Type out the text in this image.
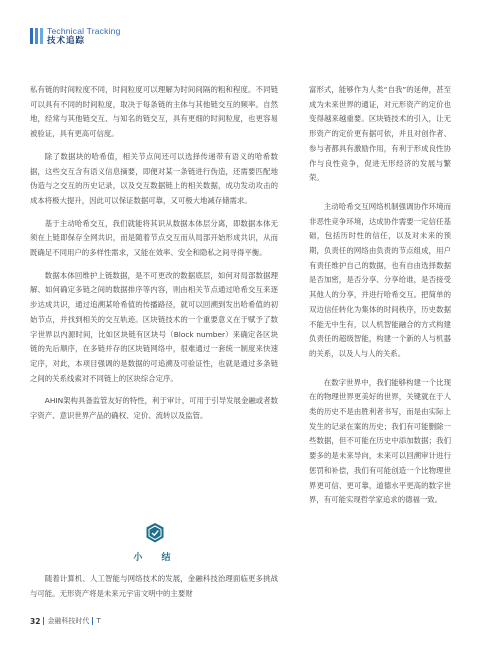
Technical Tracking
技术追踪

私有链的时间粒度不同，时间粒度可以理解为时间间隔的粗和程度。不同链可以具有不同的时间粒度，取决于每条链的主体与其他链交互的频率。自然地，经常与其他链交互、与知名的链交互，具有更细的时间粒度，也更容易被验证，具有更高可信度。

除了数据块的哈希值，相关节点间还可以选择传递带有语义的哈希数据，这些交互含有语义信息摘要，即便对某一条链进行伪造，还需要匹配地伪造与之交互的历史记录，以及交互数据链上的相关数据，成功发动攻击的成本将极大提升，因此可以保证数据可靠，又可极大地减存储需求。

基于主动哈希交互，我们就能将其识从数据本体层分离，即数据本体无须在上链即保存全网共识，而是随着节点交互而从局部开始形成共识，从而既确足不同用户的多样性需求，又能在效率、安全和隐私之间寻得平衡。

数据本体回维护上链数据，是不可更改的数据底层，如何对局部数据理解、如何确定多链之间的数据排序等内容，则由相关节点通过哈希交互来逐步达成共识，通过追溯某哈希值的传播路径，就可以回溯到发出哈希值的初始节点，并找到相关的交互轨迹。区块链技术的一个重要意义在于赋予了数字世界以内源时间，比如区块链有区块号（Block number）来确定各区块链的先后顺序，在多链并存的区块链网络中，很难通过一套统一制度来快速定序，对此，本项目强调的是数据的可追溯及可验证性，也就是通过多条链之间的关系线索对不同链上的区块综合定序。

AHIN架构具备监管友好的特性，利于审计，可用于引导发展金融或者数字资产、意识世界产品的确权、定价、流转以及监管。

小 结

随着计算机、人工智能与网络技术的发展，金融科技治理面临更多挑战与可能。无形资产将是未来元宇宙文明中的主要财

富形式，能够作为人类“自我”的延伸，甚至成为未来世界的通证，对元形资产的定价也变得越来越重要。区块链技术的引入，让无形资产的定价更有据可依，并且对创作者、参与者都具有激励作用，有利于形成良性协作与良性竞争，促进无形经济的发展与繁荣。

主动哈希交互网络机制强调协作环境而非恶性竞争环境，达成协作需要一定信任基础，包括历时性的信任，以及对未来的预期，负责任的网络由负责的节点组成，用户有责任维护自己的数据，也有自由选择数据是否加密，是否分享、分享给谁，是否接受其他人的分享，并进行哈希交互。把简单的双边信任转化为集体的时间秩序，历史数据不能无中生有，以人机智能融合的方式构建负责任的超级智能，构建一个新的人与机器的关系，以及人与人的关系。

在数字世界中，我们能够构建一个比现在的物理世界更美好的世界，关键就在于人类的历史不是由胜利者书写，而是由实际上发生的记录在案的历史；我们有可能删除一些数据，但不可能在历史中添加数据；我们要多的是未来导向，未来可以回溯审计进行惩罚和补偿，我们有可能创造一个比物理世界更可信、更可靠，道德水平更高的数字世界，有可能实现哲学家追求的德福一致。

32 金融科技时代 T
